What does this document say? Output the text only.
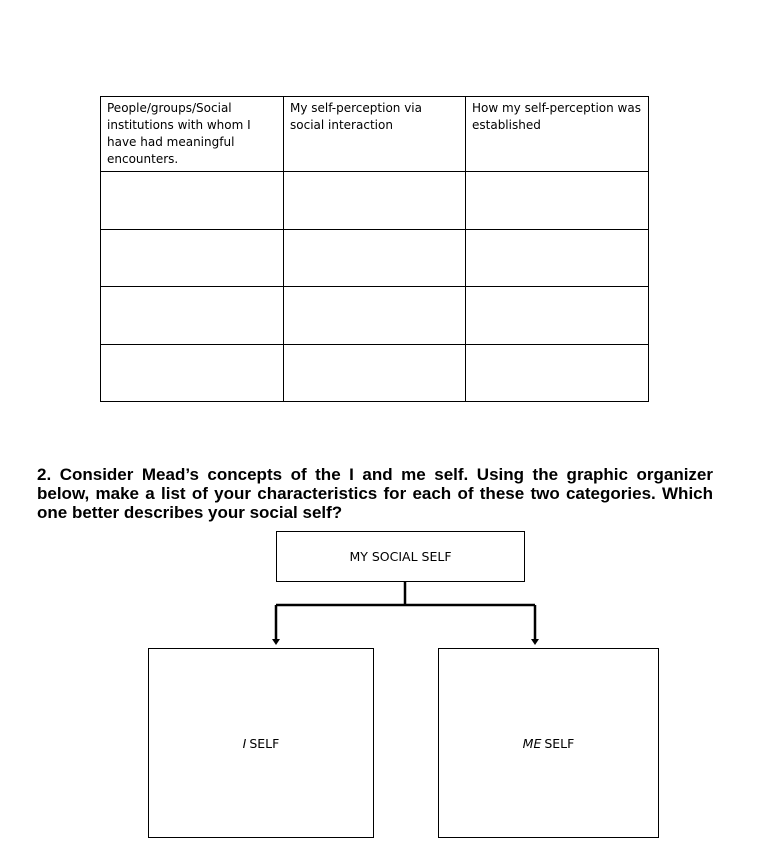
People/groups/Social institutions with whom I have had meaningful encounters.	My self-perception via social interaction	How my self-perception was established

2. Consider Mead’s concepts of the I and me self. Using the graphic organizer below, make a list of your characteristics for each of these two categories. Which one better describes your social self?

MY SOCIAL SELF
I SELF	ME SELF
